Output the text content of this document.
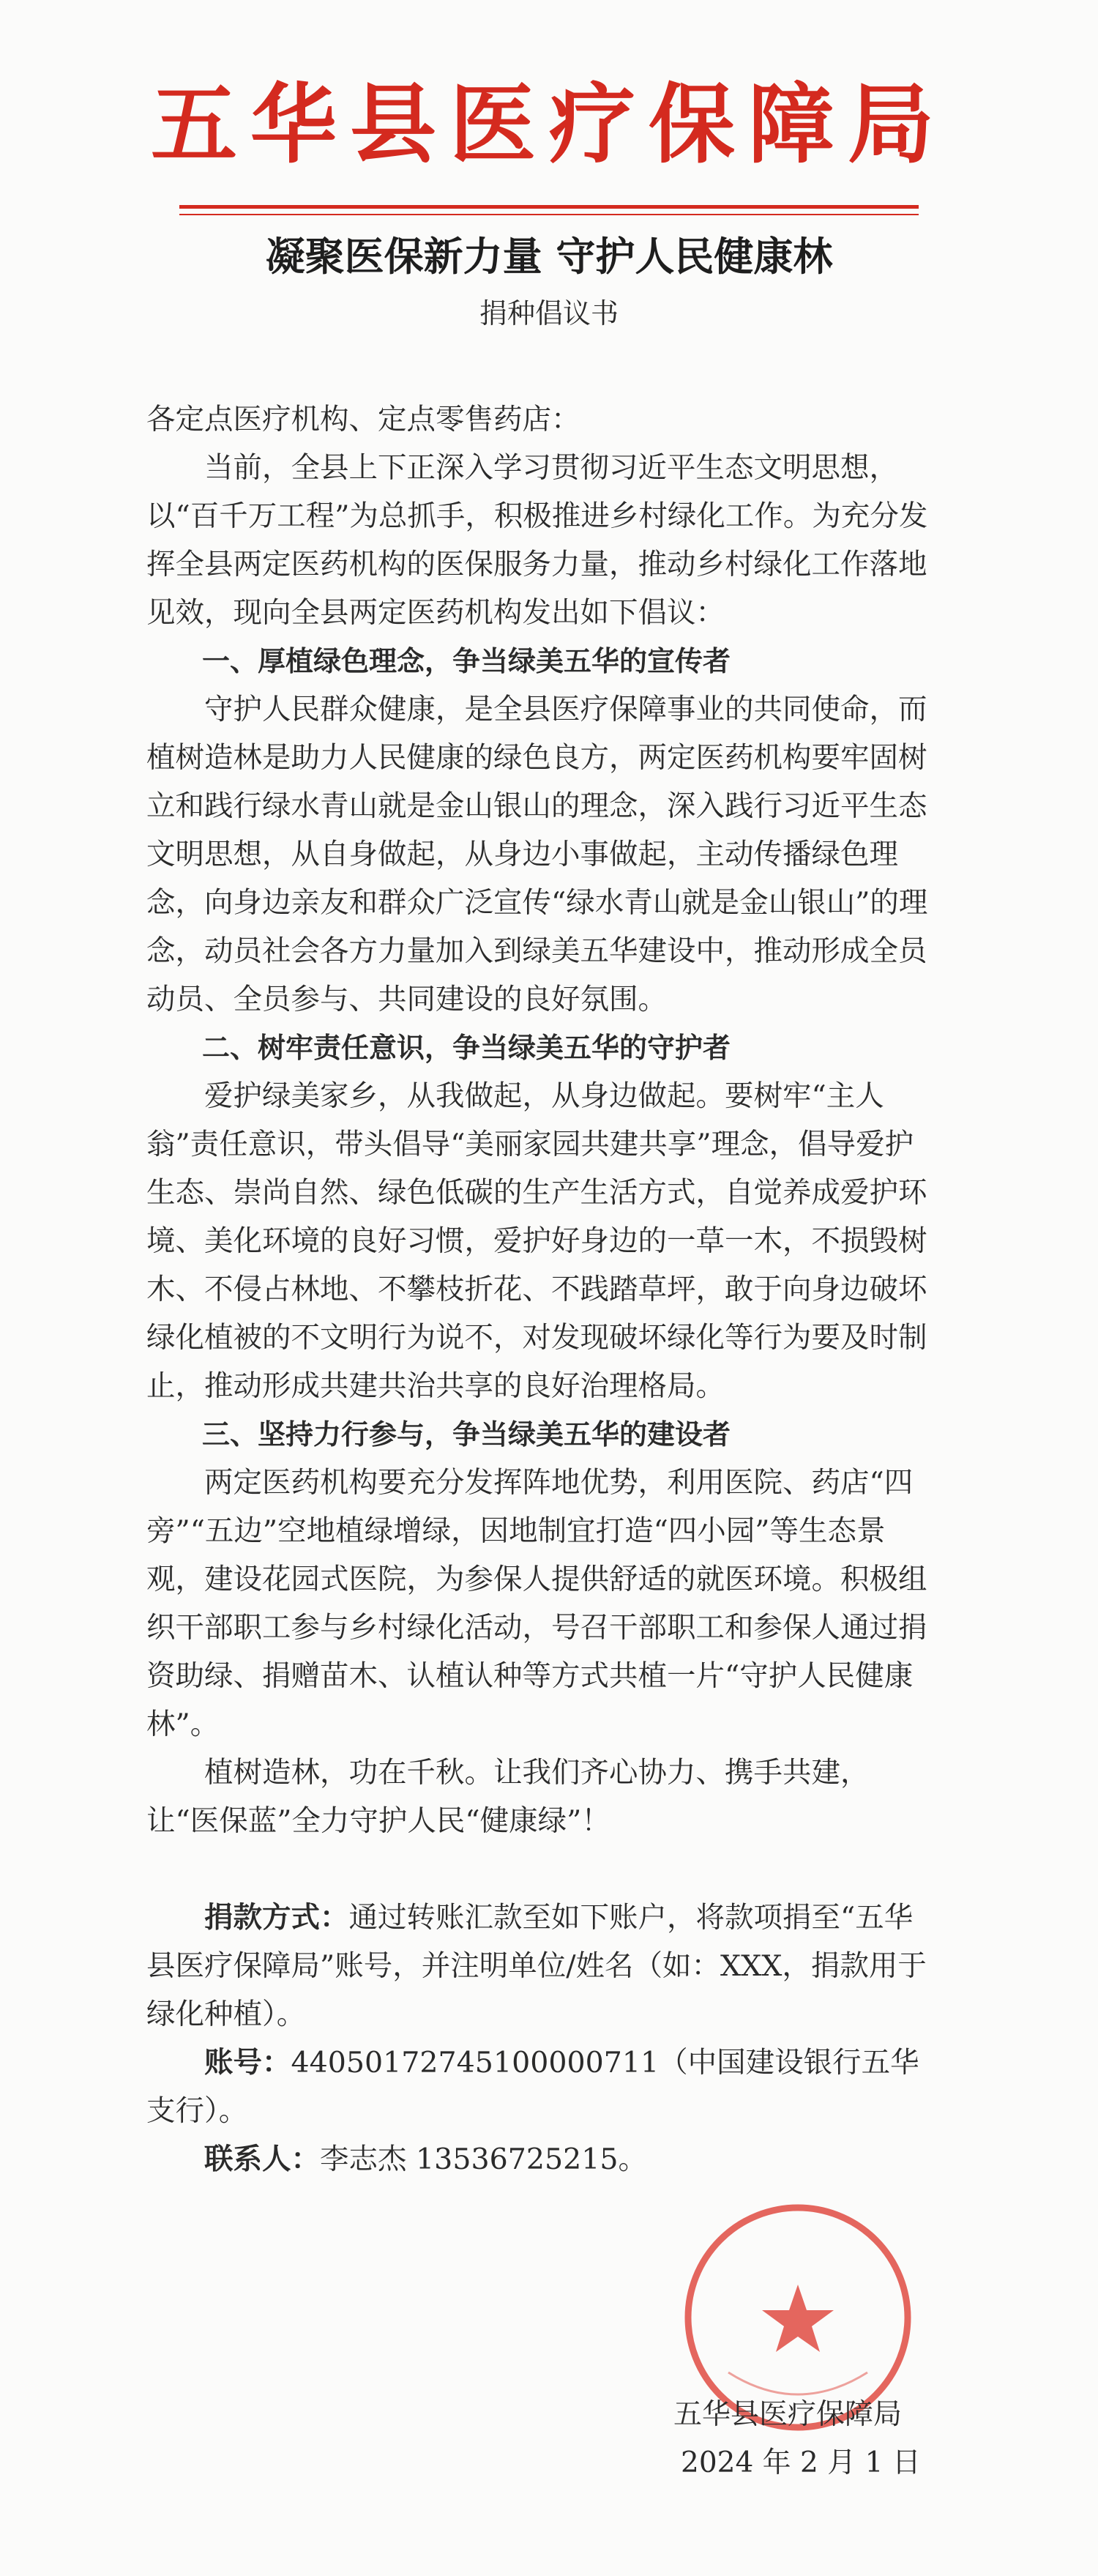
五华县医疗保障局
凝聚医保新力量 守护人民健康林
捐种倡议书

各定点医疗机构、定点零售药店：

当前，全县上下正深入学习贯彻习近平生态文明思想，以“百千万工程”为总抓手，积极推进乡村绿化工作。为充分发挥全县两定医药机构的医保服务力量，推动乡村绿化工作落地见效，现向全县两定医药机构发出如下倡议：

一、厚植绿色理念，争当绿美五华的宣传者

守护人民群众健康，是全县医疗保障事业的共同使命，而植树造林是助力人民健康的绿色良方，两定医药机构要牢固树立和践行绿水青山就是金山银山的理念，深入践行习近平生态文明思想，从自身做起，从身边小事做起，主动传播绿色理念，向身边亲友和群众广泛宣传“绿水青山就是金山银山”的理念，动员社会各方力量加入到绿美五华建设中，推动形成全员动员、全员参与、共同建设的良好氛围。

二、树牢责任意识，争当绿美五华的守护者

爱护绿美家乡，从我做起，从身边做起。要树牢“主人翁”责任意识，带头倡导“美丽家园共建共享”理念，倡导爱护生态、崇尚自然、绿色低碳的生产生活方式，自觉养成爱护环境、美化环境的良好习惯，爱护好身边的一草一木，不损毁树木、不侵占林地、不攀枝折花、不践踏草坪，敢于向身边破坏绿化植被的不文明行为说不，对发现破坏绿化等行为要及时制止，推动形成共建共治共享的良好治理格局。

三、坚持力行参与，争当绿美五华的建设者

两定医药机构要充分发挥阵地优势，利用医院、药店“四旁”“五边”空地植绿增绿，因地制宜打造“四小园”等生态景观，建设花园式医院，为参保人提供舒适的就医环境。积极组织干部职工参与乡村绿化活动，号召干部职工和参保人通过捐资助绿、捐赠苗木、认植认种等方式共植一片“守护人民健康林”。

植树造林，功在千秋。让我们齐心协力、携手共建，让“医保蓝”全力守护人民“健康绿”！

捐款方式：通过转账汇款至如下账户，将款项捐至“五华县医疗保障局”账号，并注明单位/姓名（如：XXX，捐款用于绿化种植）。

账号：44050172745100000711（中国建设银行五华支行）。

联系人：李志杰 13536725215。

五华县医疗保障局
2024 年 2 月 1 日
